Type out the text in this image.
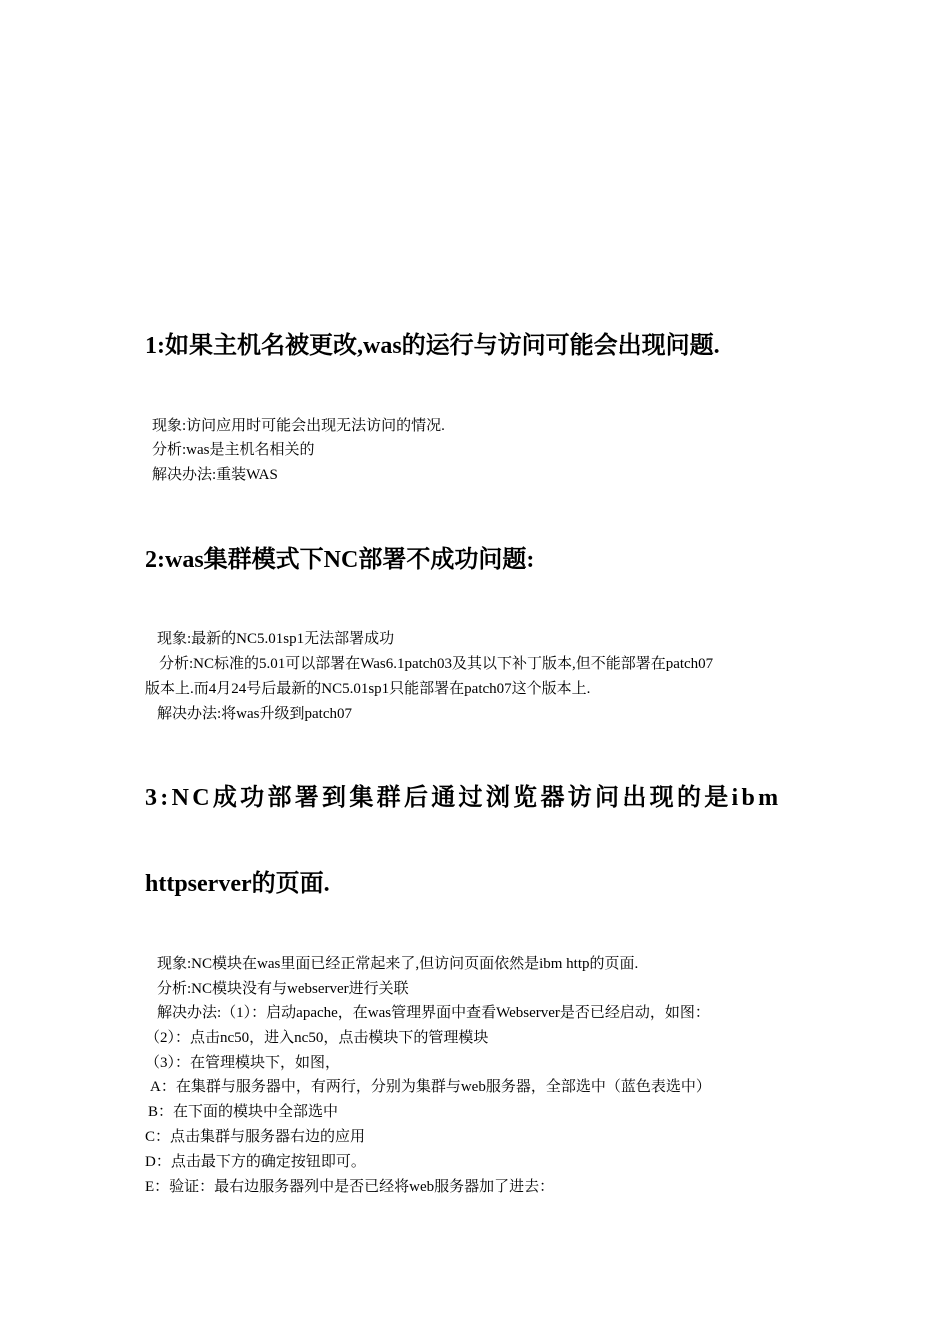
1:如果主机名被更改,was的运行与访问可能会出现问题.

现象:访问应用时可能会出现无法访问的情况.

分析:was是主机名相关的

解决办法:重装WAS

2:was集群模式下NC部署不成功问题:

现象:最新的NC5.01sp1无法部署成功

分析:NC标准的5.01可以部署在Was6.1patch03及其以下补丁版本,但不能部署在patch07

版本上.而4月24号后最新的NC5.01sp1只能部署在patch07这个版本上.

解决办法:将was升级到patch07

3:NC成功部署到集群后通过浏览器访问出现的是ibm
httpserver的页面.

现象:NC模块在was里面已经正常起来了,但访问页面依然是ibm http的页面.

分析:NC模块没有与webserver进行关联

解决办法:（1）：启动apache，在was管理界面中查看Webserver是否已经启动，如图：

（2）：点击nc50，进入nc50，点击模块下的管理模块

（3）：在管理模块下，如图，

A：在集群与服务器中，有两行，分别为集群与web服务器，全部选中（蓝色表选中）

B：在下面的模块中全部选中

C：点击集群与服务器右边的应用

D：点击最下方的确定按钮即可。

E：验证：最右边服务器列中是否已经将web服务器加了进去：
